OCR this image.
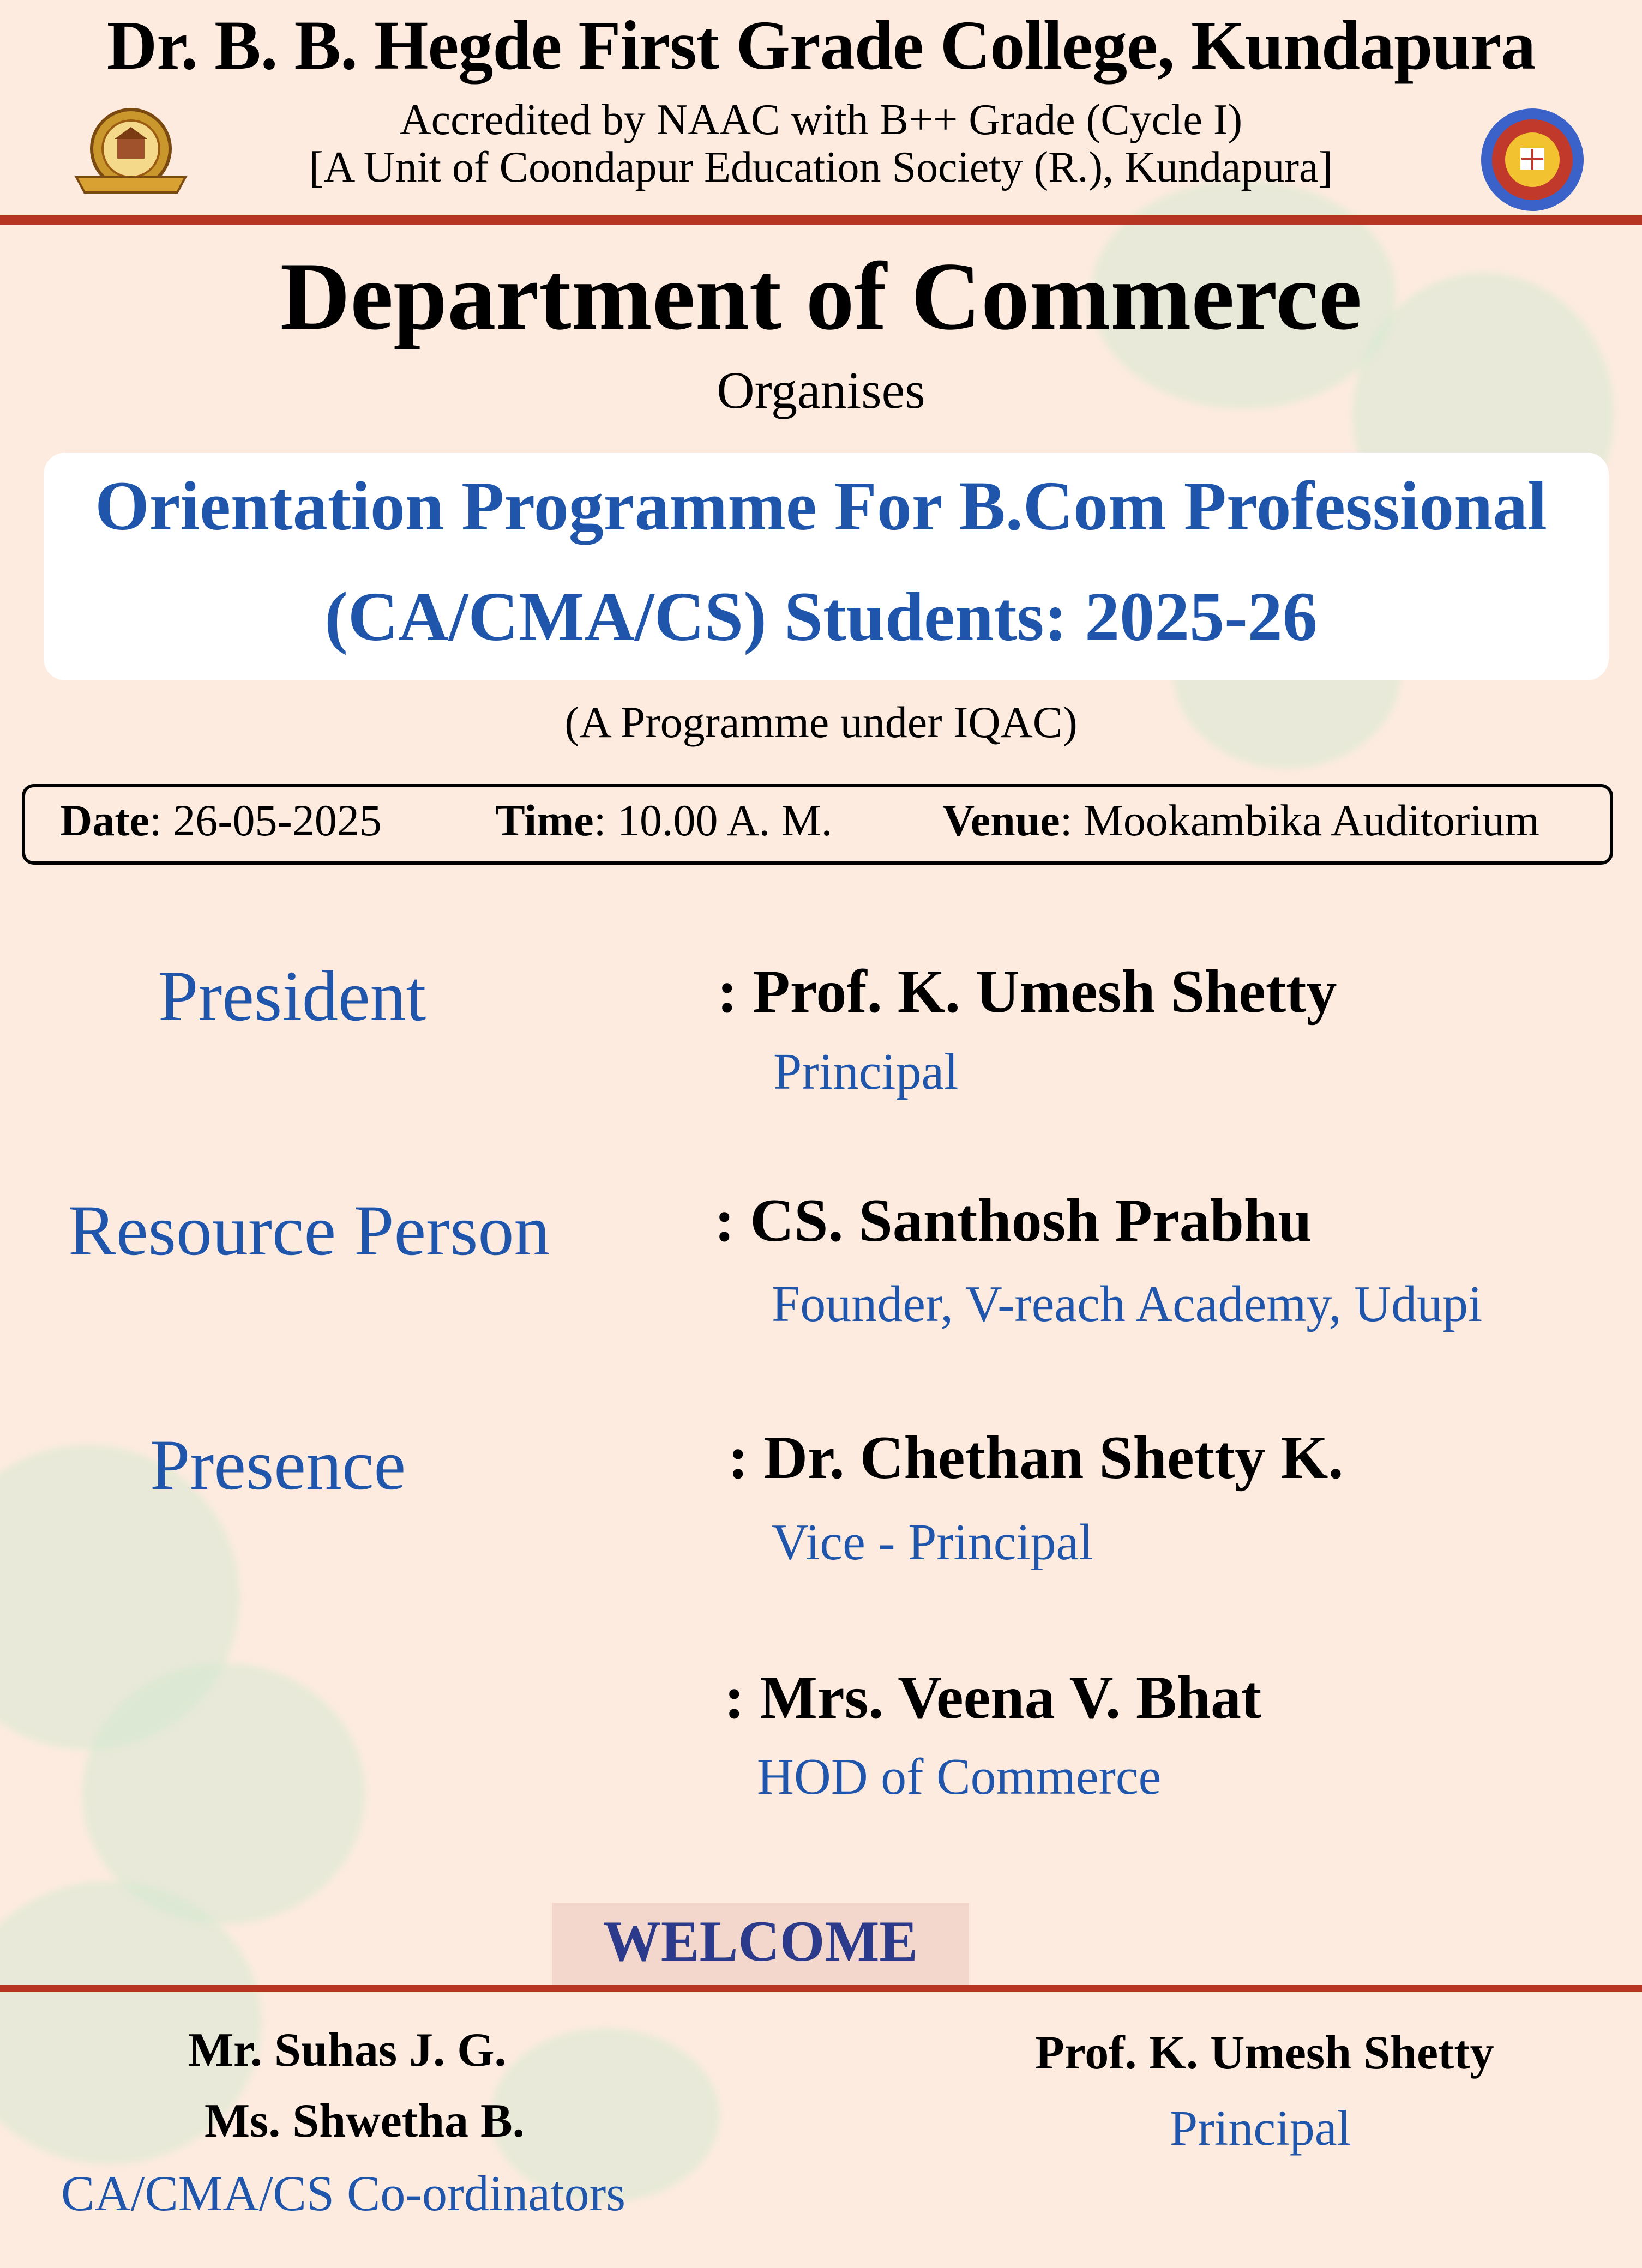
Dr. B. B. Hegde First Grade College, Kundapura
Accredited by NAAC with B++ Grade (Cycle I)
[A Unit of Coondapur Education Society (R.), Kundapura]
Department of Commerce
Organises
Orientation Programme For B.Com Professional
(CA/CMA/CS) Students: 2025-26
(A Programme under IQAC)
Date: 26-05-2025	Time: 10.00 A. M. Venue: Mookambika Auditorium
President	: Prof. K. Umesh Shetty
Principal
Resource Person	: CS. Santhosh Prabhu
Founder, V-reach Academy, Udupi
Presence	: Dr. Chethan Shetty K.
Vice - Principal
: Mrs. Veena V. Bhat
HOD of Commerce
WELCOME
Mr. Suhas J. G.
Ms. Shwetha B.
CA/CMA/CS Co-ordinators
Prof. K. Umesh Shetty
Principal
